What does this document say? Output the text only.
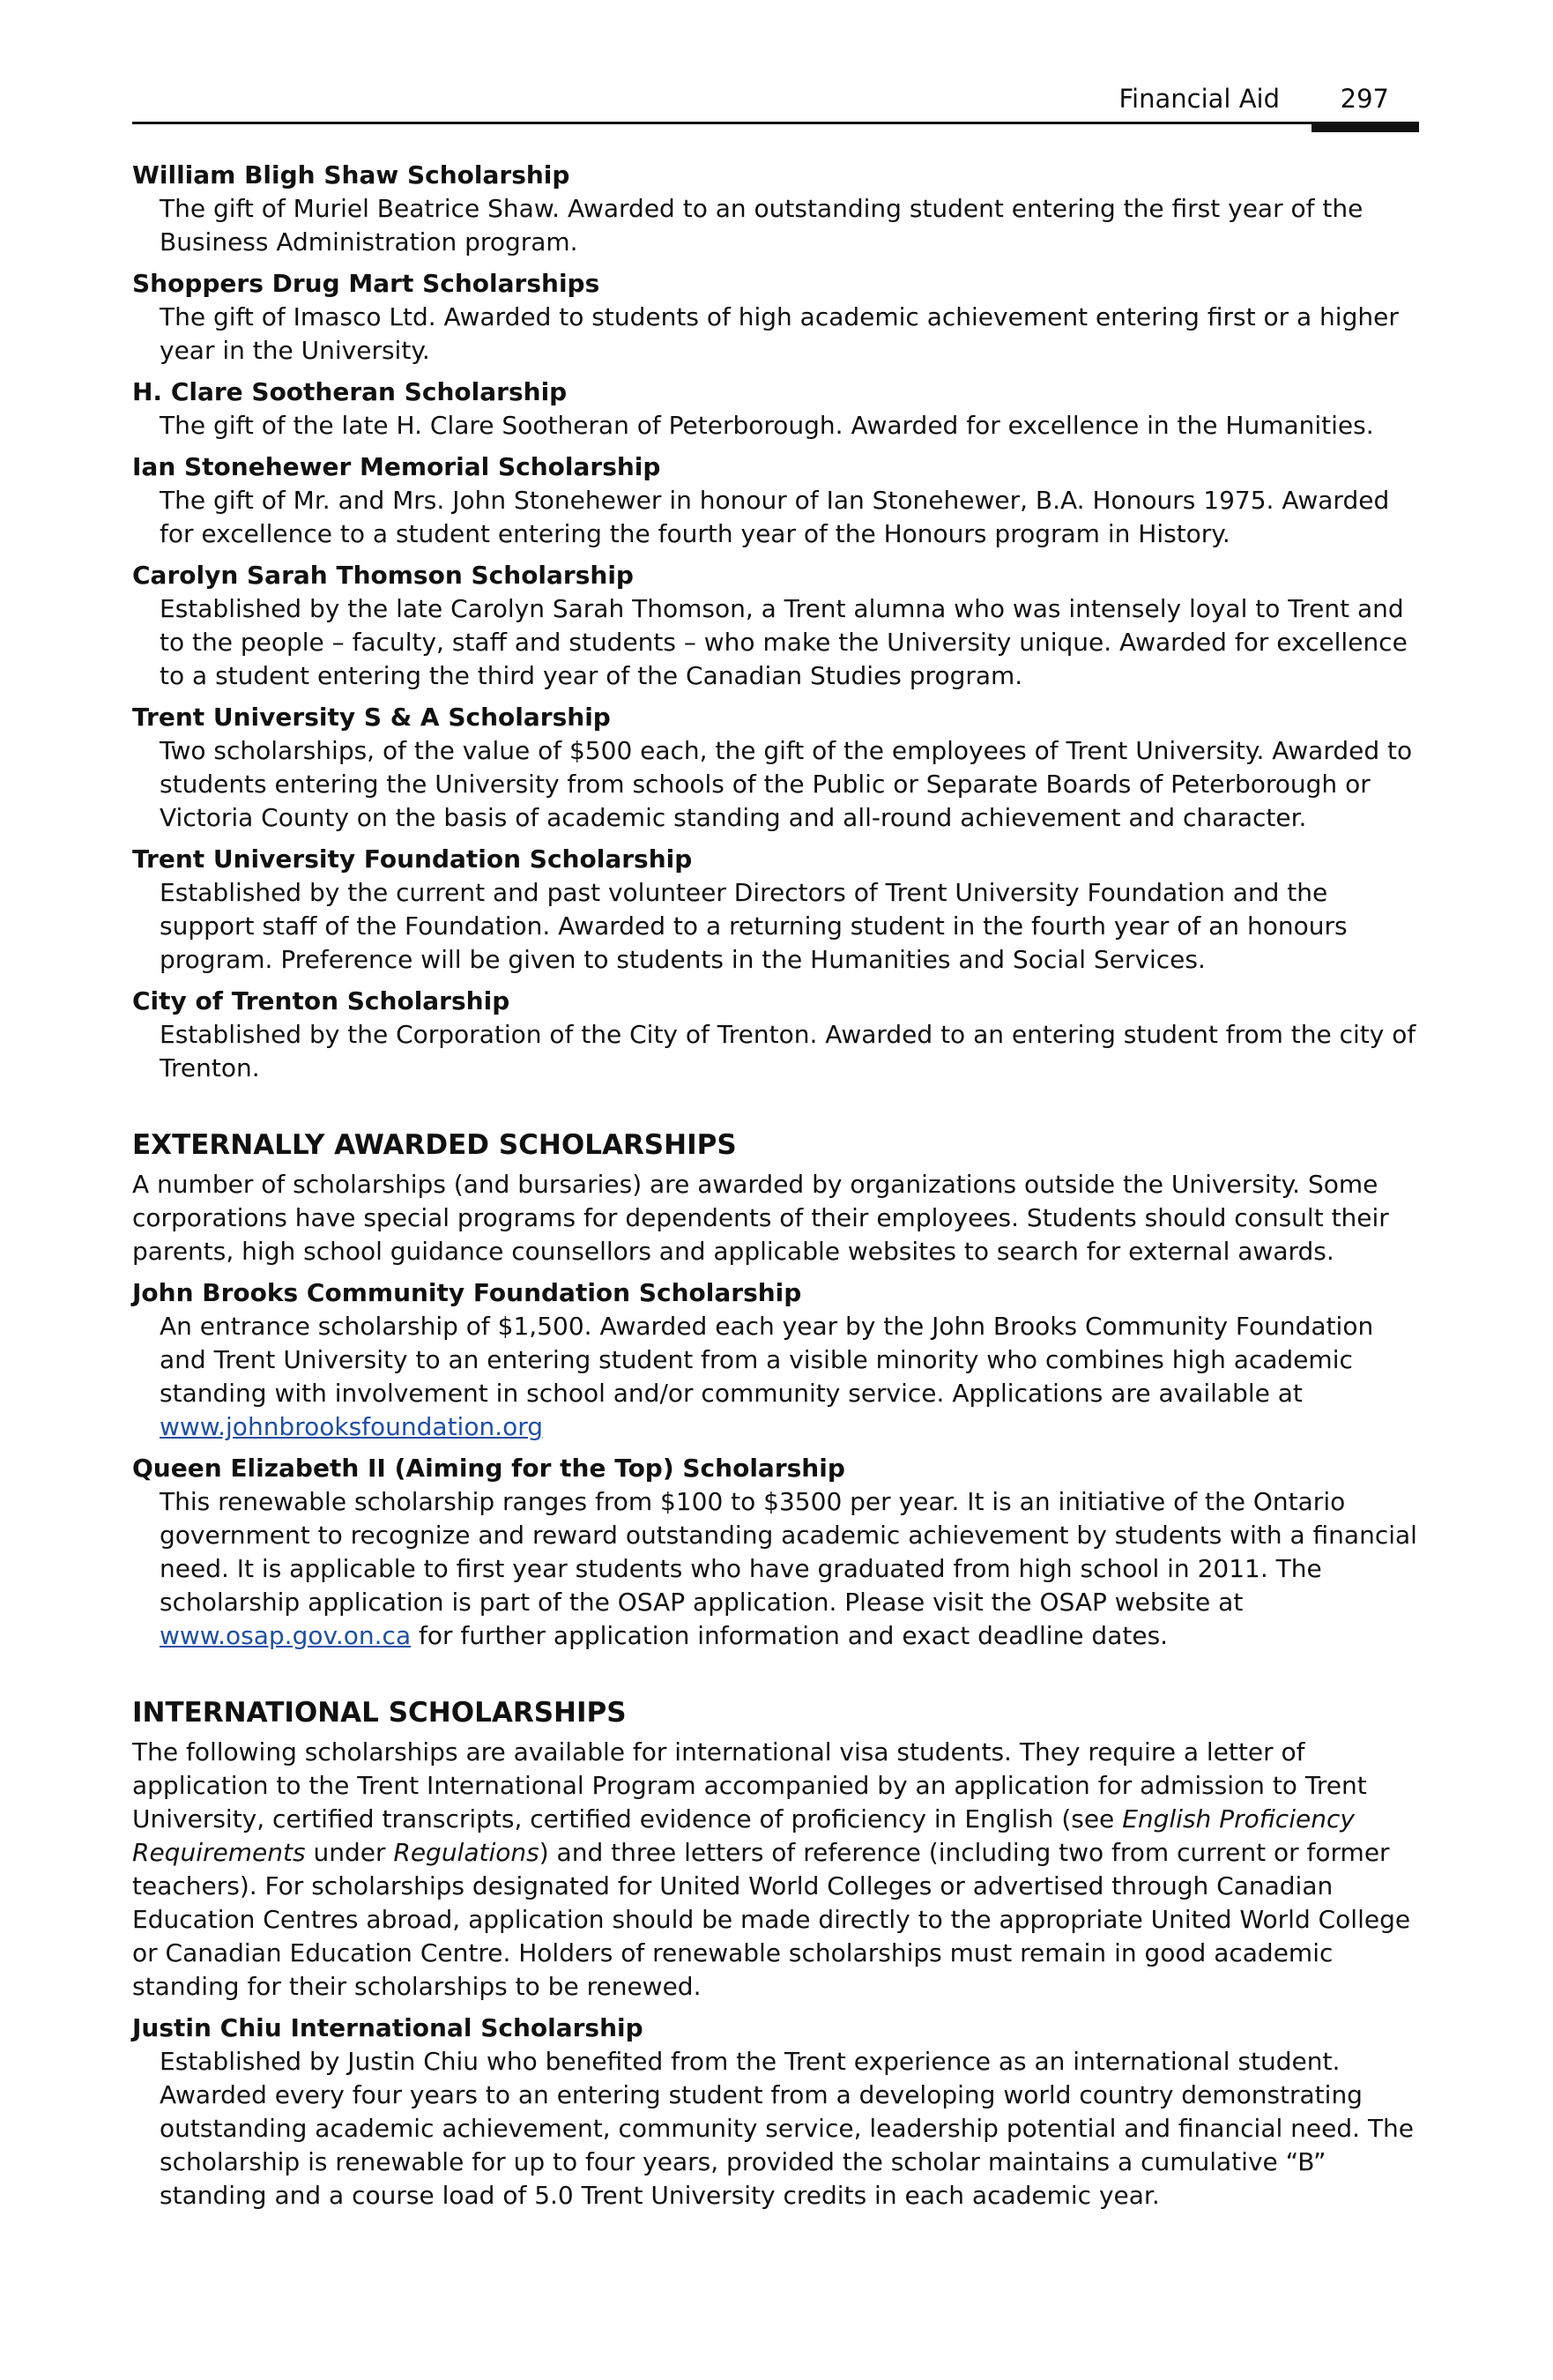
Financial Aid 297

William Bligh Shaw Scholarship

The gift of Muriel Beatrice Shaw. Awarded to an outstanding student entering the first year of the Business Administration program.

Shoppers Drug Mart Scholarships

The gift of Imasco Ltd. Awarded to students of high academic achievement entering first or a higher year in the University.

H. Clare Sootheran Scholarship

The gift of the late H. Clare Sootheran of Peterborough. Awarded for excellence in the Humanities.

Ian Stonehewer Memorial Scholarship

The gift of Mr. and Mrs. John Stonehewer in honour of Ian Stonehewer, B.A. Honours 1975. Awarded for excellence to a student entering the fourth year of the Honours program in History.

Carolyn Sarah Thomson Scholarship

Established by the late Carolyn Sarah Thomson, a Trent alumna who was intensely loyal to Trent and to the people – faculty, staff and students – who make the University unique. Awarded for excellence to a student entering the third year of the Canadian Studies program.

Trent University S & A Scholarship

Two scholarships, of the value of $500 each, the gift of the employees of Trent University. Awarded to students entering the University from schools of the Public or Separate Boards of Peterborough or Victoria County on the basis of academic standing and all-round achievement and character.

Trent University Foundation Scholarship

Established by the current and past volunteer Directors of Trent University Foundation and the support staff of the Foundation. Awarded to a returning student in the fourth year of an honours program. Preference will be given to students in the Humanities and Social Services.

City of Trenton Scholarship

Established by the Corporation of the City of Trenton. Awarded to an entering student from the city of Trenton.

EXTERNALLY AWARDED SCHOLARSHIPS

A number of scholarships (and bursaries) are awarded by organizations outside the University. Some corporations have special programs for dependents of their employees. Students should consult their parents, high school guidance counsellors and applicable websites to search for external awards.

John Brooks Community Foundation Scholarship

An entrance scholarship of $1,500. Awarded each year by the John Brooks Community Foundation and Trent University to an entering student from a visible minority who combines high academic standing with involvement in school and/or community service. Applications are available at www.johnbrooksfoundation.org

Queen Elizabeth II (Aiming for the Top) Scholarship

This renewable scholarship ranges from $100 to $3500 per year. It is an initiative of the Ontario government to recognize and reward outstanding academic achievement by students with a financial need. It is applicable to first year students who have graduated from high school in 2011. The scholarship application is part of the OSAP application. Please visit the OSAP website at www.osap.gov.on.ca for further application information and exact deadline dates.

INTERNATIONAL SCHOLARSHIPS

The following scholarships are available for international visa students. They require a letter of application to the Trent International Program accompanied by an application for admission to Trent University, certified transcripts, certified evidence of proficiency in English (see English Proficiency Requirements under Regulations) and three letters of reference (including two from current or former teachers). For scholarships designated for United World Colleges or advertised through Canadian Education Centres abroad, application should be made directly to the appropriate United World College or Canadian Education Centre. Holders of renewable scholarships must remain in good academic standing for their scholarships to be renewed.

Justin Chiu International Scholarship

Established by Justin Chiu who benefited from the Trent experience as an international student. Awarded every four years to an entering student from a developing world country demonstrating outstanding academic achievement, community service, leadership potential and financial need. The scholarship is renewable for up to four years, provided the scholar maintains a cumulative “B” standing and a course load of 5.0 Trent University credits in each academic year.
